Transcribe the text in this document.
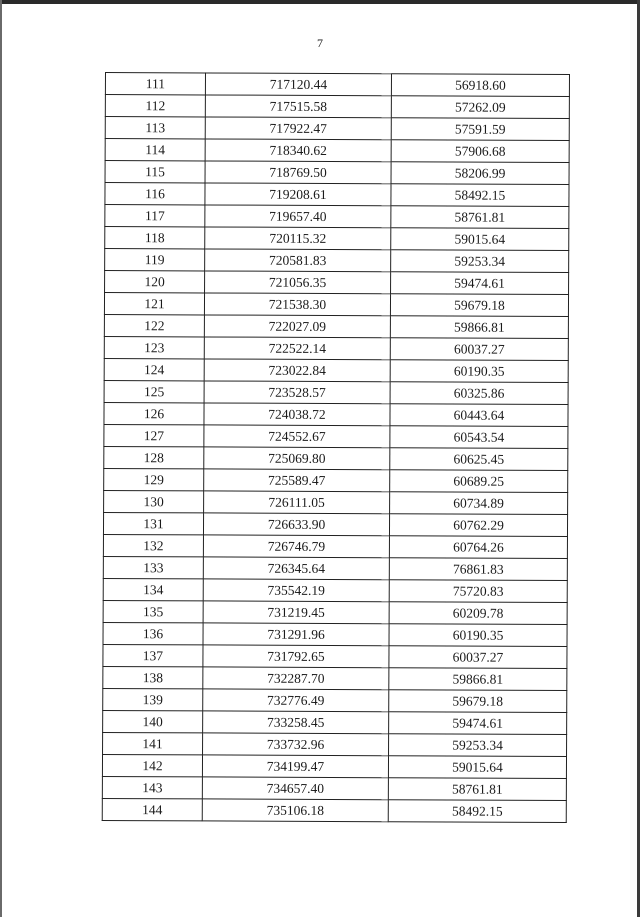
7
111	717120.44	56918.60
112	717515.58	57262.09
113	717922.47	57591.59
114	718340.62	57906.68
115	718769.50	58206.99
116	719208.61	58492.15
117	719657.40	58761.81
118	720115.32	59015.64
119	720581.83	59253.34
120	721056.35	59474.61
121	721538.30	59679.18
122	722027.09	59866.81
123	722522.14	60037.27
124	723022.84	60190.35
125	723528.57	60325.86
126	724038.72	60443.64
127	724552.67	60543.54
128	725069.80	60625.45
129	725589.47	60689.25
130	726111.05	60734.89
131	726633.90	60762.29
132	726746.79	60764.26
133	726345.64	76861.83
134	735542.19	75720.83
135	731219.45	60209.78
136	731291.96	60190.35
137	731792.65	60037.27
138	732287.70	59866.81
139	732776.49	59679.18
140	733258.45	59474.61
141	733732.96	59253.34
142	734199.47	59015.64
143	734657.40	58761.81
144	735106.18	58492.15
